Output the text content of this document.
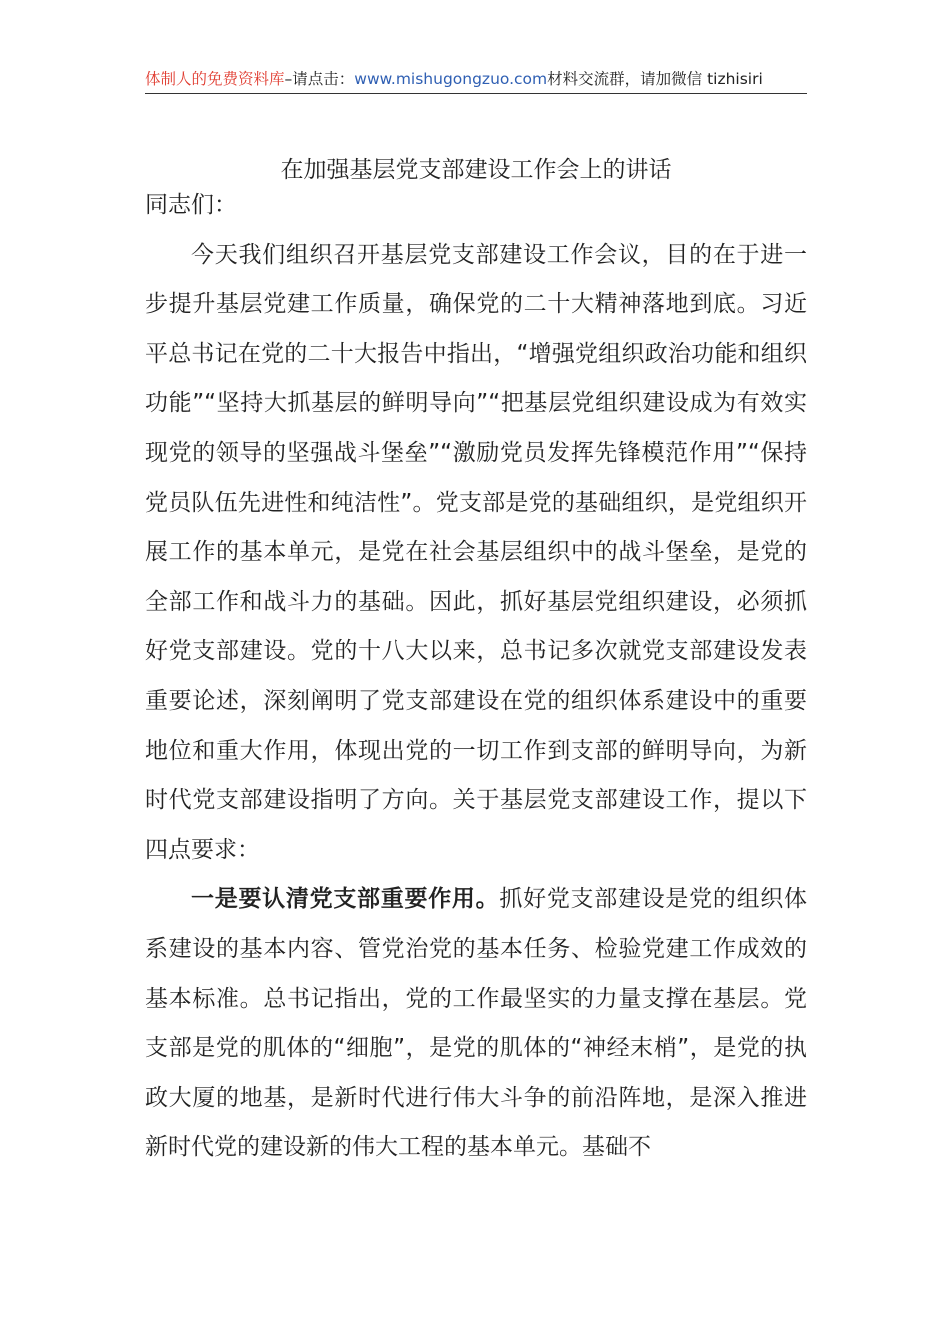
体制人的免费资料库–请点击：www.mishugongzuo.com材料交流群，请加微信 tizhisiri
在加强基层党支部建设工作会上的讲话

同志们：

今天我们组织召开基层党支部建设工作会议，目的在于进一步提升基层党建工作质量，确保党的二十大精神落地到底。习近平总书记在党的二十大报告中指出，“增强党组织政治功能和组织功能”“坚持大抓基层的鲜明导向”“把基层党组织建设成为有效实现党的领导的坚强战斗堡垒”“激励党员发挥先锋模范作用”“保持党员队伍先进性和纯洁性”。党支部是党的基础组织，是党组织开展工作的基本单元，是党在社会基层组织中的战斗堡垒，是党的全部工作和战斗力的基础。因此，抓好基层党组织建设，必须抓好党支部建设。党的十八大以来，总书记多次就党支部建设发表重要论述，深刻阐明了党支部建设在党的组织体系建设中的重要地位和重大作用，体现出党的一切工作到支部的鲜明导向，为新时代党支部建设指明了方向。关于基层党支部建设工作，提以下四点要求：

一是要认清党支部重要作用。抓好党支部建设是党的组织体系建设的基本内容、管党治党的基本任务、检验党建工作成效的基本标准。总书记指出，党的工作最坚实的力量支撑在基层。党支部是党的肌体的“细胞”，是党的肌体的“神经末梢”，是党的执政大厦的地基，是新时代进行伟大斗争的前沿阵地，是深入推进新时代党的建设新的伟大工程的基本单元。基础不
